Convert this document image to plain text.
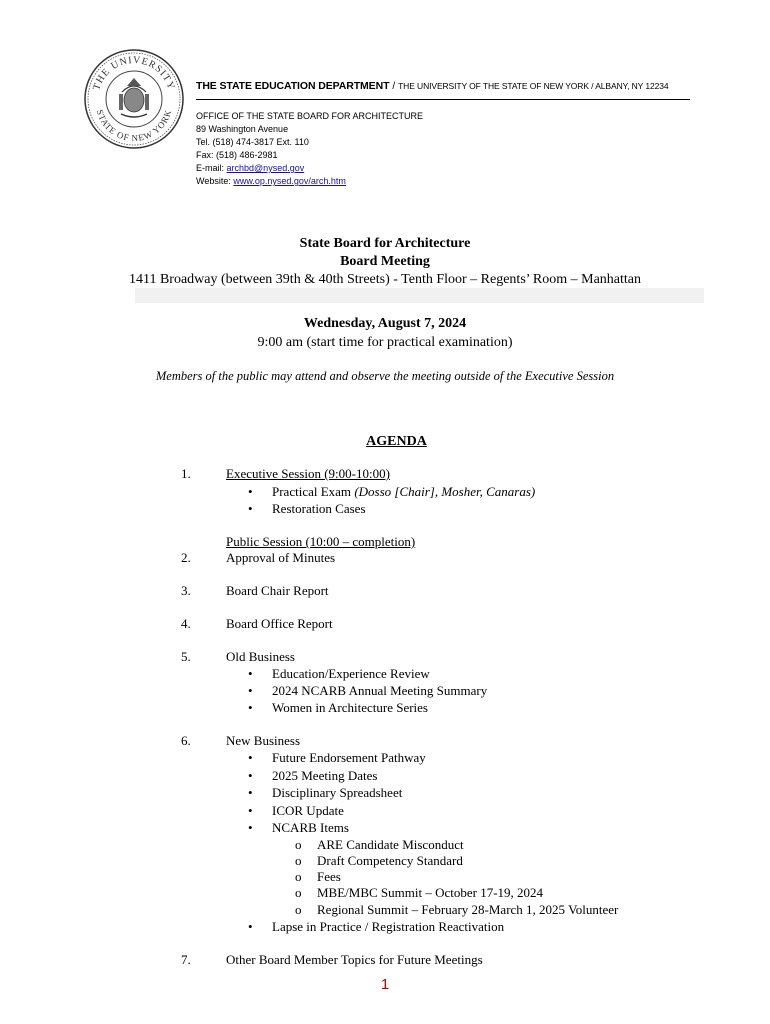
THE UNIVERSITY
STATE OF NEW YORK
THE STATE EDUCATION DEPARTMENT / THE UNIVERSITY OF THE STATE OF NEW YORK / ALBANY, NY 12234
OFFICE OF THE STATE BOARD FOR ARCHITECTURE
89 Washington Avenue
Tel. (518) 474-3817 Ext. 110
Fax: (518) 486-2981
E-mail: archbd@nysed.gov
Website: www.op.nysed.gov/arch.htm
State Board for Architecture
Board Meeting
1411 Broadway (between 39th & 40th Streets) - Tenth Floor – Regents’ Room – Manhattan
Wednesday, August 7, 2024
9:00 am (start time for practical examination)
Members of the public may attend and observe the meeting outside of the Executive Session
AGENDA
1.	Executive Session (9:00-10:00)
• Practical Exam (Dosso [Chair], Mosher, Canaras)
• Restoration Cases
Public Session (10:00 – completion)
2.	Approval of Minutes
3.	Board Chair Report
4.	Board Office Report
5.	Old Business
• Education/Experience Review
• 2024 NCARB Annual Meeting Summary
• Women in Architecture Series
6.	New Business
• Future Endorsement Pathway
• 2025 Meeting Dates
• Disciplinary Spreadsheet
• ICOR Update
• NCARB Items
o ARE Candidate Misconduct
o Draft Competency Standard
o Fees
o MBE/MBC Summit – October 17-19, 2024
o Regional Summit – February 28-March 1, 2025 Volunteer
• Lapse in Practice / Registration Reactivation
7.	Other Board Member Topics for Future Meetings
1
